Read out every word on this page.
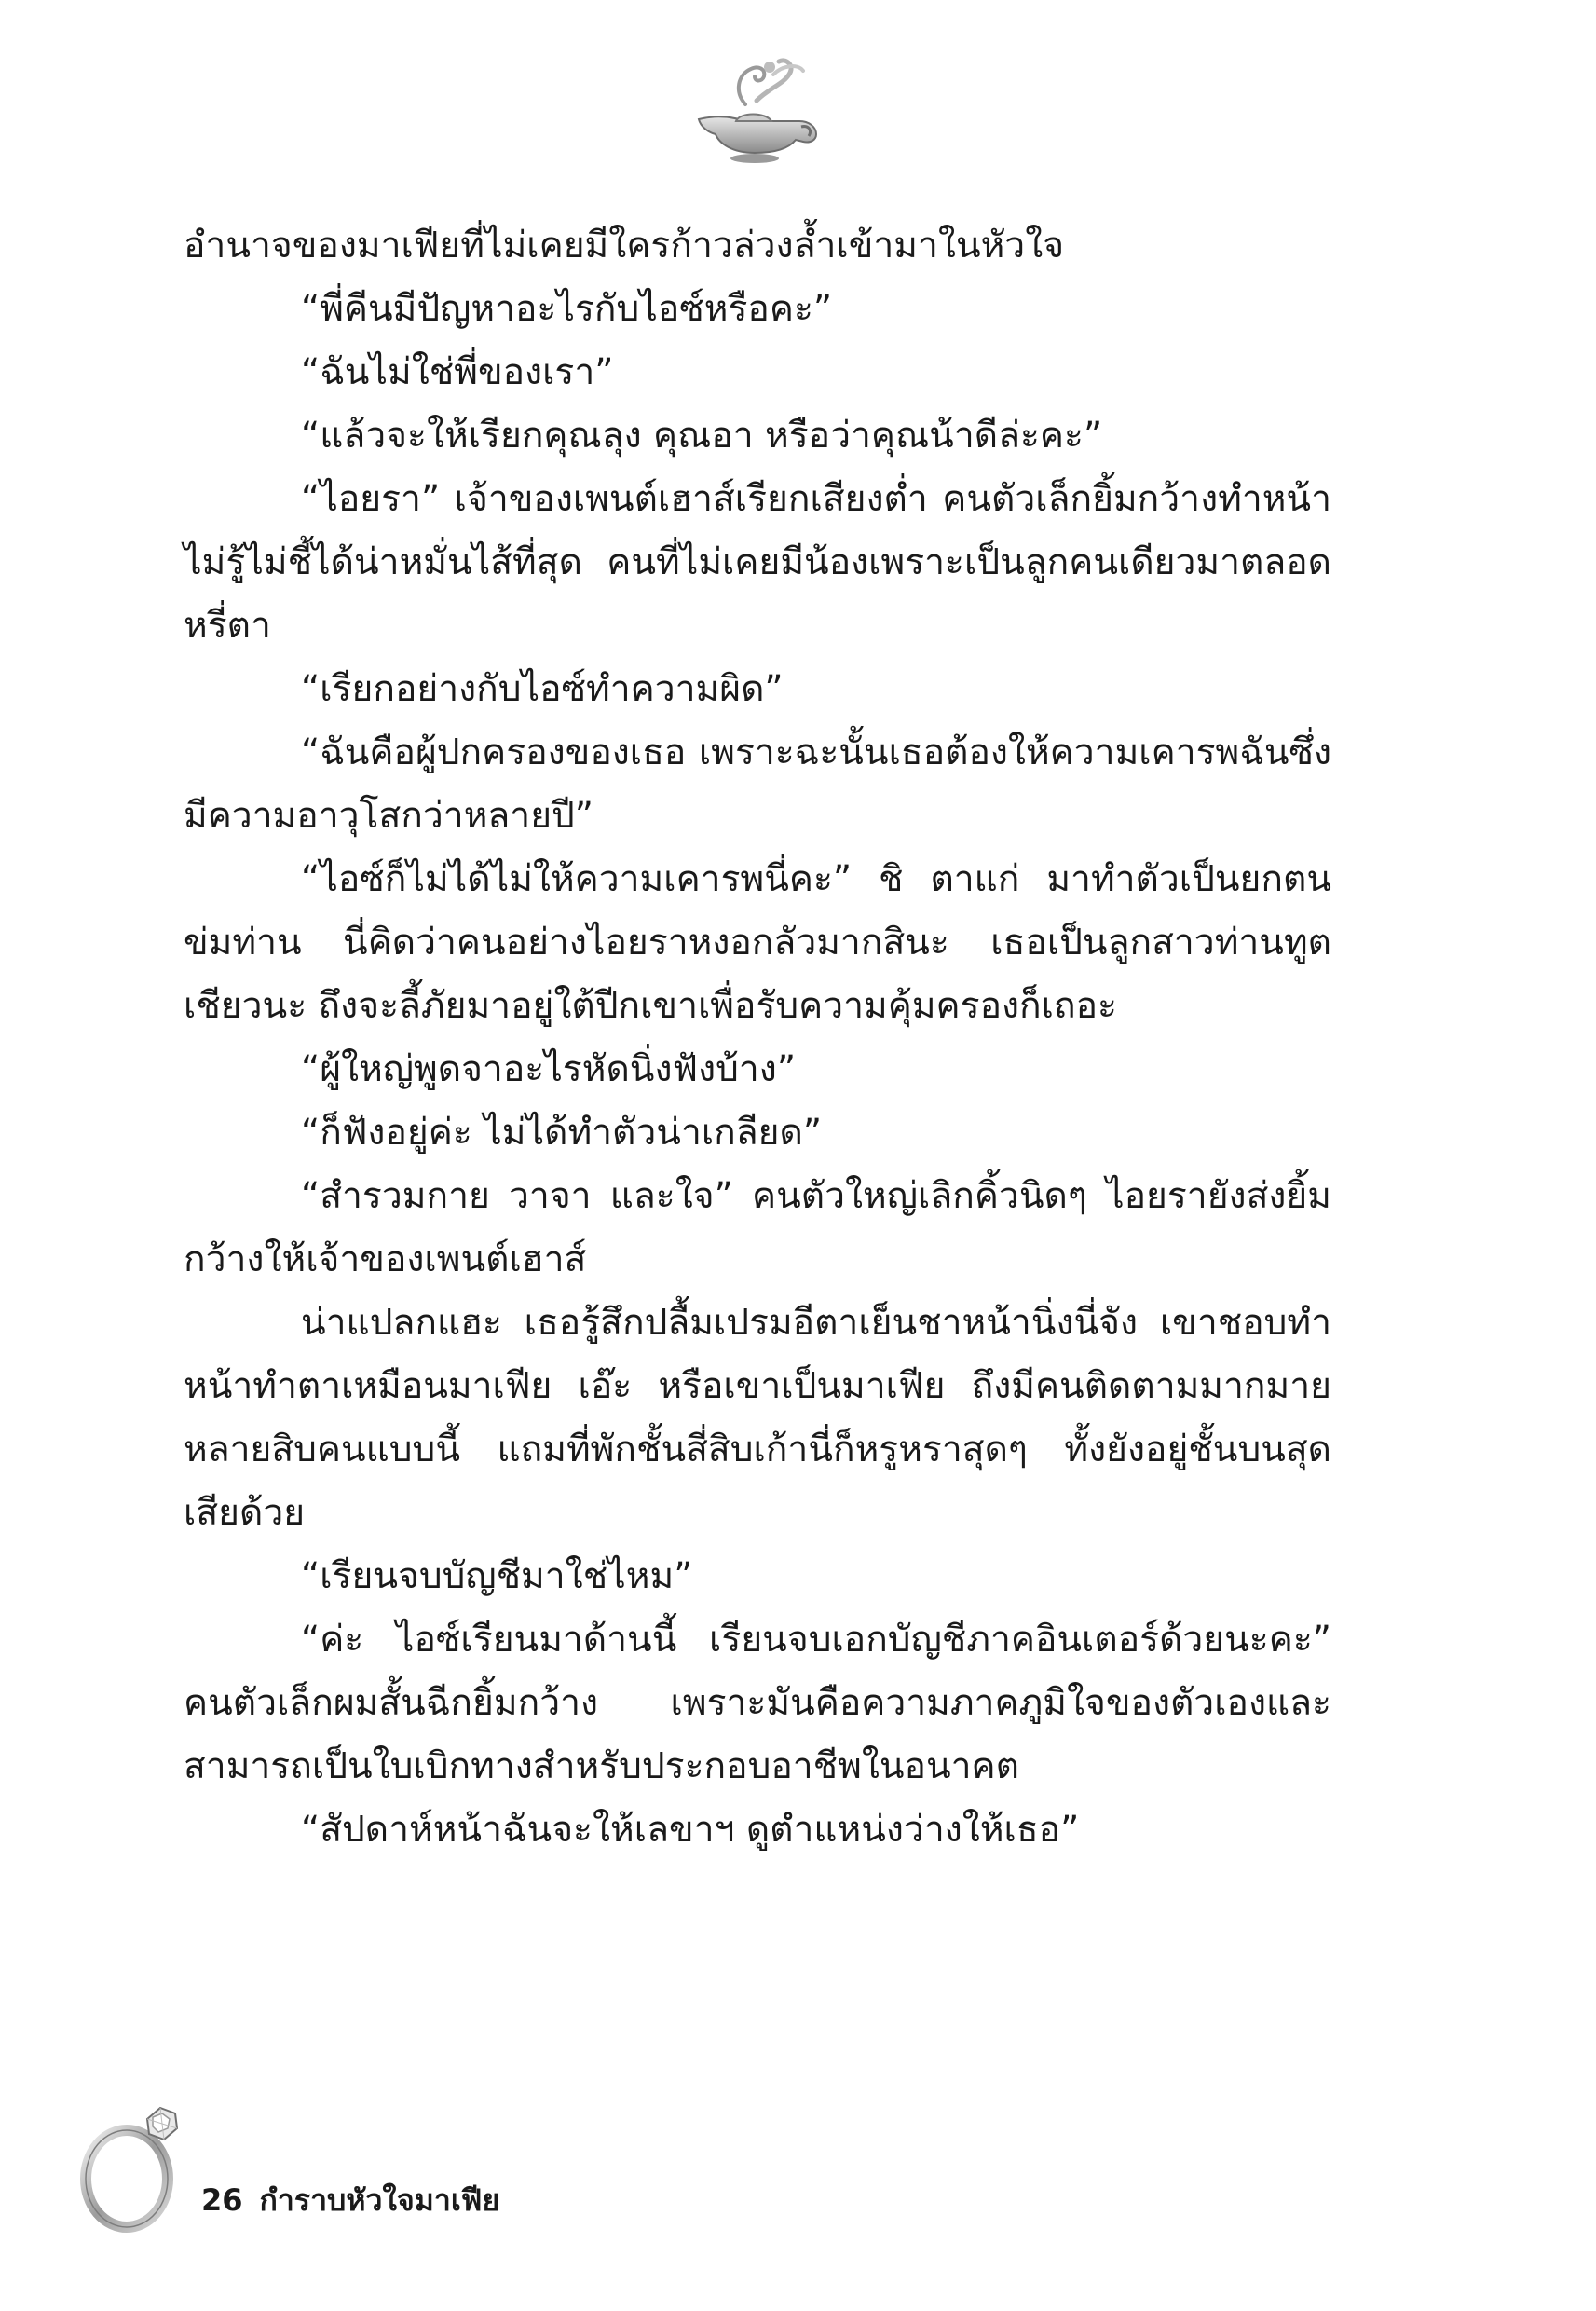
อำนาจของมาเฟียที่ไม่เคยมีใครก้าวล่วงล้ำเข้ามาในหัวใจ

“พี่คีนมีปัญหาอะไรกับไอซ์หรือคะ”

“ฉันไม่ใช่พี่ของเรา”

“แล้วจะให้เรียกคุณลุง คุณอา หรือว่าคุณน้าดีล่ะคะ”

“ไอยรา” เจ้าของเพนต์เฮาส์เรียกเสียงต่ำ คนตัวเล็กยิ้มกว้างทำหน้าไม่รู้ไม่ชี้ได้น่าหมั่นไส้ที่สุด คนที่ไม่เคยมีน้องเพราะเป็นลูกคนเดียวมาตลอดหรี่ตา

“เรียกอย่างกับไอซ์ทำความผิด”

“ฉันคือผู้ปกครองของเธอ เพราะฉะนั้นเธอต้องให้ความเคารพฉันซึ่งมีความอาวุโสกว่าหลายปี”

“ไอซ์ก็ไม่ได้ไม่ให้ความเคารพนี่คะ” ชิ ตาแก่ มาทำตัวเป็นยกตนข่มท่าน นี่คิดว่าคนอย่างไอยราหงอกลัวมากสินะ เธอเป็นลูกสาวท่านทูตเชียวนะ ถึงจะลี้ภัยมาอยู่ใต้ปีกเขาเพื่อรับความคุ้มครองก็เถอะ

“ผู้ใหญ่พูดจาอะไรหัดนิ่งฟังบ้าง”

“ก็ฟังอยู่ค่ะ ไม่ได้ทำตัวน่าเกลียด”

“สำรวมกาย วาจา และใจ” คนตัวใหญ่เลิกคิ้วนิดๆ ไอยรายังส่งยิ้มกว้างให้เจ้าของเพนต์เฮาส์

น่าแปลกแฮะ เธอรู้สึกปลื้มเปรมอีตาเย็นชาหน้านิ่งนี่จัง เขาชอบทำหน้าทำตาเหมือนมาเฟีย เอ๊ะ หรือเขาเป็นมาเฟีย ถึงมีคนติดตามมากมายหลายสิบคนแบบนี้ แถมที่พักชั้นสี่สิบเก้านี่ก็หรูหราสุดๆ ทั้งยังอยู่ชั้นบนสุดเสียด้วย

“เรียนจบบัญชีมาใช่ไหม”

“ค่ะ ไอซ์เรียนมาด้านนี้ เรียนจบเอกบัญชีภาคอินเตอร์ด้วยนะคะ” คนตัวเล็กผมสั้นฉีกยิ้มกว้าง เพราะมันคือความภาคภูมิใจของตัวเองและสามารถเป็นใบเบิกทางสำหรับประกอบอาชีพในอนาคต

“สัปดาห์หน้าฉันจะให้เลขาฯ ดูตำแหน่งว่างให้เธอ”

26 กำราบหัวใจมาเฟีย
